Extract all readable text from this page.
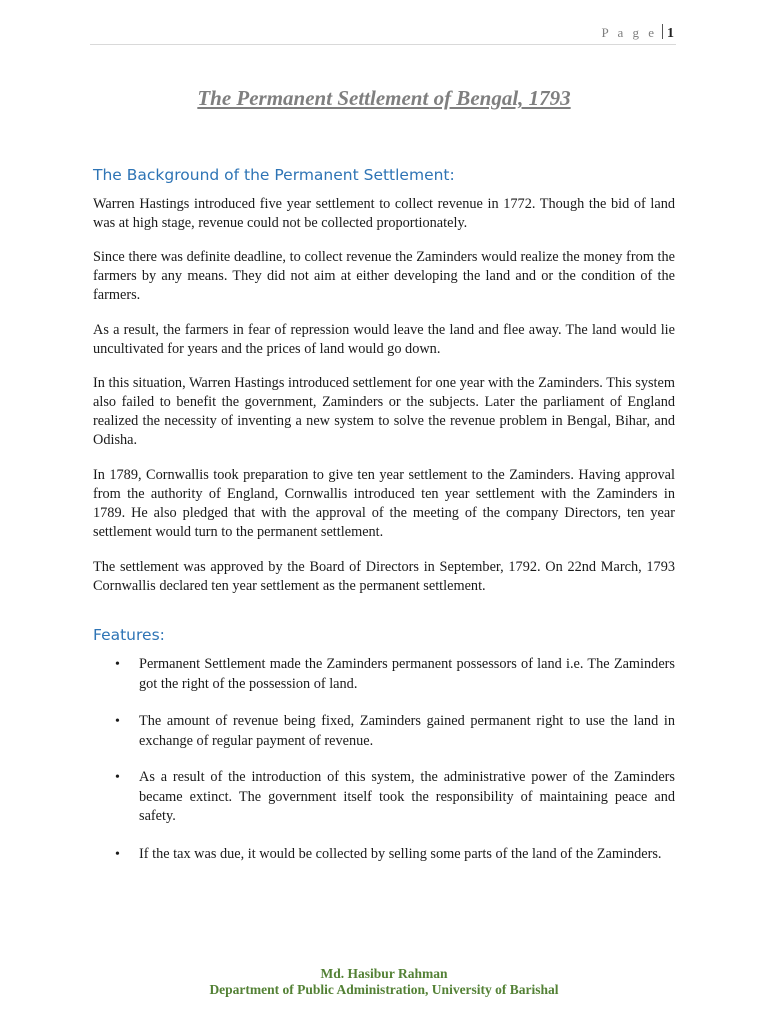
P a g e 1
The Permanent Settlement of Bengal, 1793
The Background of the Permanent Settlement:

Warren Hastings introduced five year settlement to collect revenue in 1772. Though the bid of land was at high stage, revenue could not be collected proportionately.

Since there was definite deadline, to collect revenue the Zaminders would realize the money from the farmers by any means. They did not aim at either developing the land and or the condition of the farmers.

As a result, the farmers in fear of repression would leave the land and flee away. The land would lie uncultivated for years and the prices of land would go down.

In this situation, Warren Hastings introduced settlement for one year with the Zaminders. This system also failed to benefit the government, Zaminders or the subjects. Later the parliament of England realized the necessity of inventing a new system to solve the revenue problem in Bengal, Bihar, and Odisha.

In 1789, Cornwallis took preparation to give ten year settlement to the Zaminders. Having approval from the authority of England, Cornwallis introduced ten year settlement with the Zaminders in 1789. He also pledged that with the approval of the meeting of the company Directors, ten year settlement would turn to the permanent settlement.

The settlement was approved by the Board of Directors in September, 1792. On 22nd March, 1793 Cornwallis declared ten year settlement as the permanent settlement.

Features:
• Permanent Settlement made the Zaminders permanent possessors of land i.e. The Zaminders got the right of the possession of land.
• The amount of revenue being fixed, Zaminders gained permanent right to use the land in exchange of regular payment of revenue.
• As a result of the introduction of this system, the administrative power of the Zaminders became extinct. The government itself took the responsibility of maintaining peace and safety.
• If the tax was due, it would be collected by selling some parts of the land of the Zaminders.
Md. Hasibur Rahman
Department of Public Administration, University of Barishal
